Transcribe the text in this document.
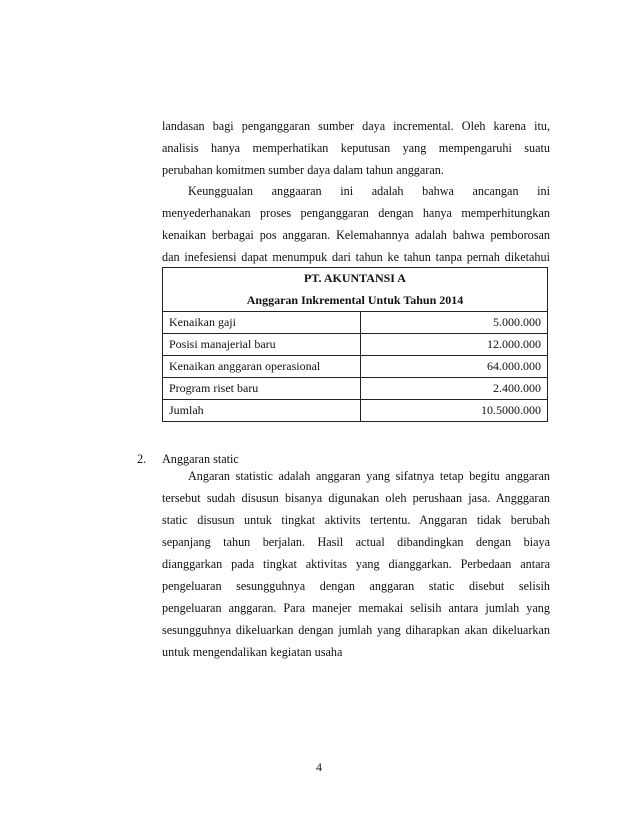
landasan bagi penganggaran sumber daya incremental. Oleh karena itu,
analisis hanya memperhatikan keputusan yang mempengaruhi suatu
perubahan komitmen sumber daya dalam tahun anggaran.
Keungguala​n anggaaran ini adalah bahwa ancangan ini
menyederhanakan proses penganggaran dengan hanya memperhitungkan
kenaikan berbagai pos anggaran. Kelemahannya adalah bahwa pemborosan
dan inefesiensi dapat menumpuk dari tahun ke tahun tanpa pernah diketahui
PT. AKUNTANSI A	
Anggaran Inkremental Untuk Tahun 2014	
Kenaikan gaji	5.000.000
Posisi manajerial baru	12.000.000
Kenaikan anggaran operasional	64.000.000
Program riset baru	2.400.000
Jumlah	10.5000.000
2. Anggaran static
Angaran statistic adalah anggaran yang sifatnya tetap begitu anggaran
tersebut sudah disusun bisanya digunakan oleh perushaan jasa. Angggaran
static disusun untuk tingkat aktivits tertentu. Anggaran tidak berubah
sepanjang tahun berjalan. Hasil actual dibandingkan dengan biaya
dianggarkan pada tingkat aktivitas yang dianggarkan. Perbedaan antara
pengeluaran sesungguhnya dengan anggaran static disebut selisih
pengeluaran anggaran. Para manejer memakai selisih antara jumlah yang
sesungguhnya dikeluarkan dengan jumlah yang diharapkan akan dikeluarkan
untuk mengendalikan kegiatan usaha
4
